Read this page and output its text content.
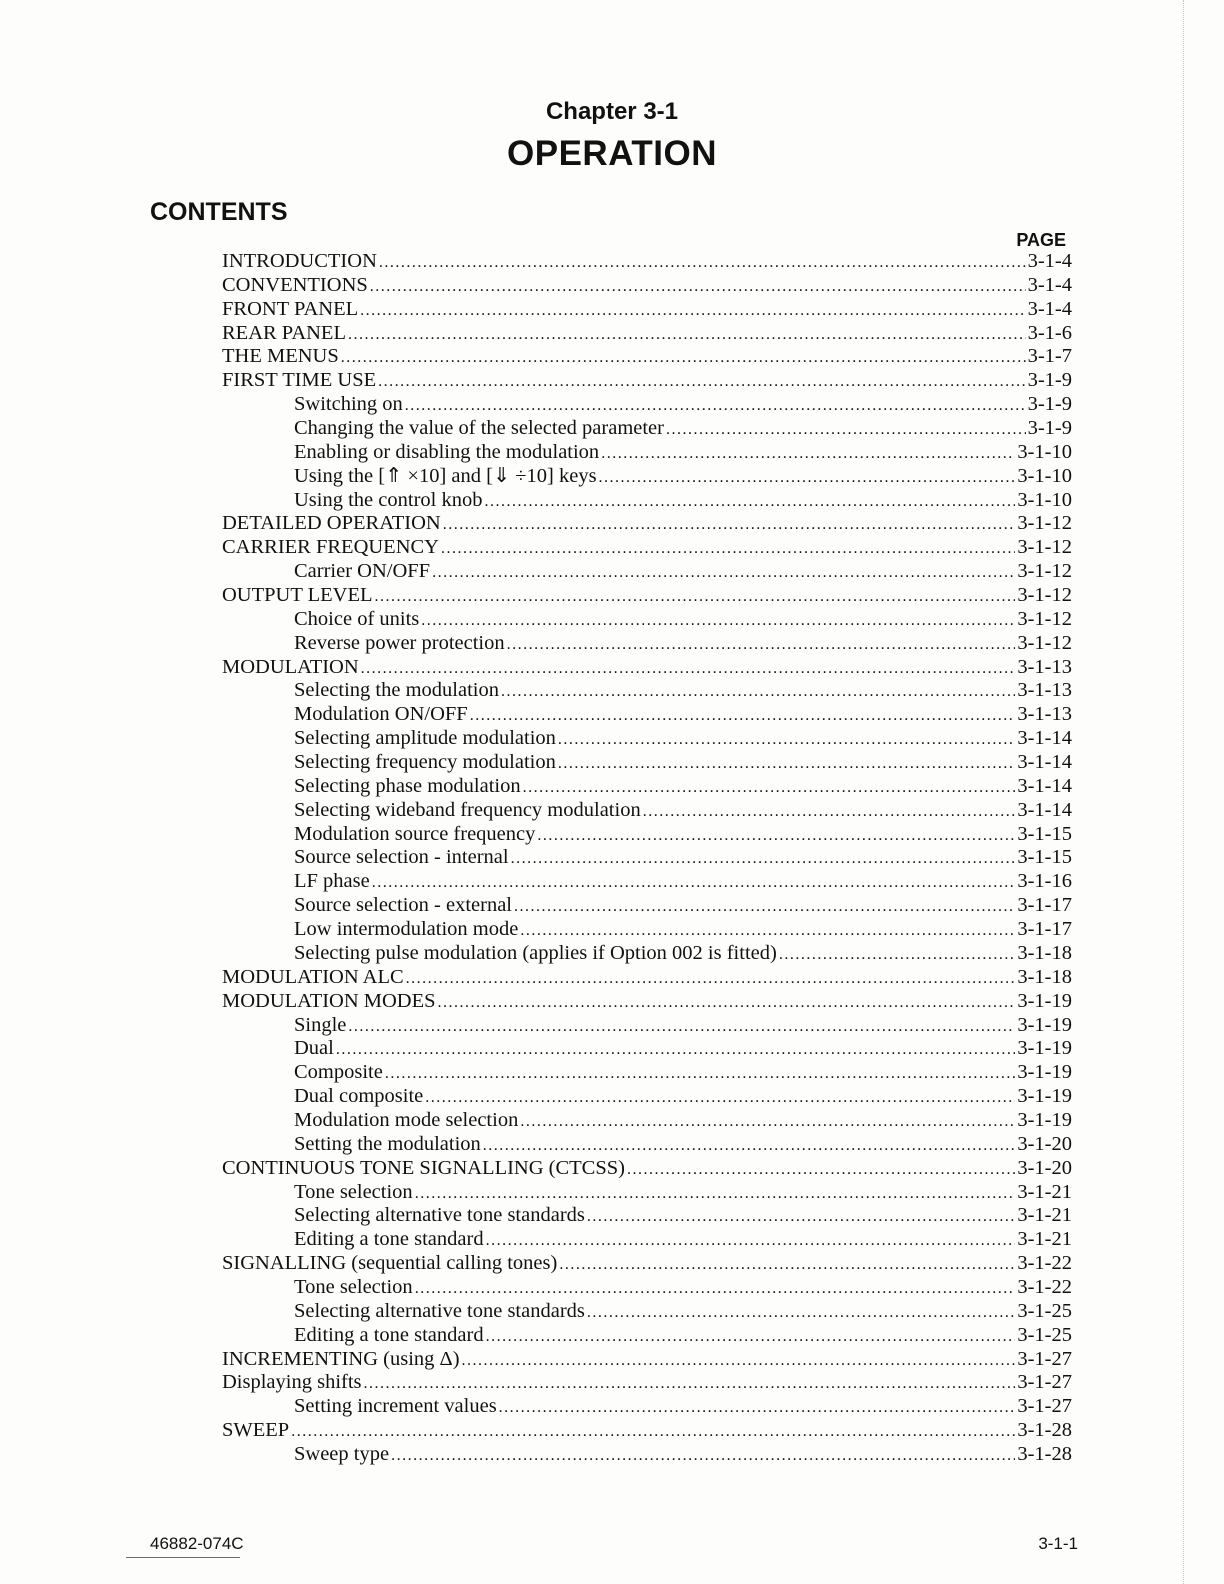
Chapter 3-1
OPERATION
CONTENTS
PAGE
INTRODUCTION .....	3-1-4
CONVENTIONS .....	3-1-4
FRONT PANEL .....	3-1-4
REAR PANEL .....	3-1-6
THE MENUS .....	3-1-7
FIRST TIME USE .....	3-1-9
Switching on .....	3-1-9
Changing the value of the selected parameter .....	3-1-9
Enabling or disabling the modulation .....	3-1-10
Using the [⇑ ×10] and [⇓ ÷10] keys .....	3-1-10
Using the control knob .....	3-1-10
DETAILED OPERATION .....	3-1-12
CARRIER FREQUENCY .....	3-1-12
Carrier ON/OFF .....	3-1-12
OUTPUT LEVEL .....	3-1-12
Choice of units .....	3-1-12
Reverse power protection .....	3-1-12
MODULATION .....	3-1-13
Selecting the modulation .....	3-1-13
Modulation ON/OFF .....	3-1-13
Selecting amplitude modulation .....	3-1-14
Selecting frequency modulation .....	3-1-14
Selecting phase modulation .....	3-1-14
Selecting wideband frequency modulation .....	3-1-14
Modulation source frequency .....	3-1-15
Source selection - internal .....	3-1-15
LF phase .....	3-1-16
Source selection - external .....	3-1-17
Low intermodulation mode .....	3-1-17
Selecting pulse modulation (applies if Option 002 is fitted) .....	3-1-18
MODULATION ALC .....	3-1-18
MODULATION MODES .....	3-1-19
Single .....	3-1-19
Dual .....	3-1-19
Composite .....	3-1-19
Dual composite .....	3-1-19
Modulation mode selection .....	3-1-19
Setting the modulation .....	3-1-20
CONTINUOUS TONE SIGNALLING (CTCSS) .....	3-1-20
Tone selection .....	3-1-21
Selecting alternative tone standards .....	3-1-21
Editing a tone standard .....	3-1-21
SIGNALLING (sequential calling tones) .....	3-1-22
Tone selection .....	3-1-22
Selecting alternative tone standards .....	3-1-25
Editing a tone standard .....	3-1-25
INCREMENTING (using Δ) .....	3-1-27
Displaying shifts .....	3-1-27
Setting increment values .....	3-1-27
SWEEP .....	3-1-28
Sweep type .....	3-1-28
46882-074C	3-1-1
